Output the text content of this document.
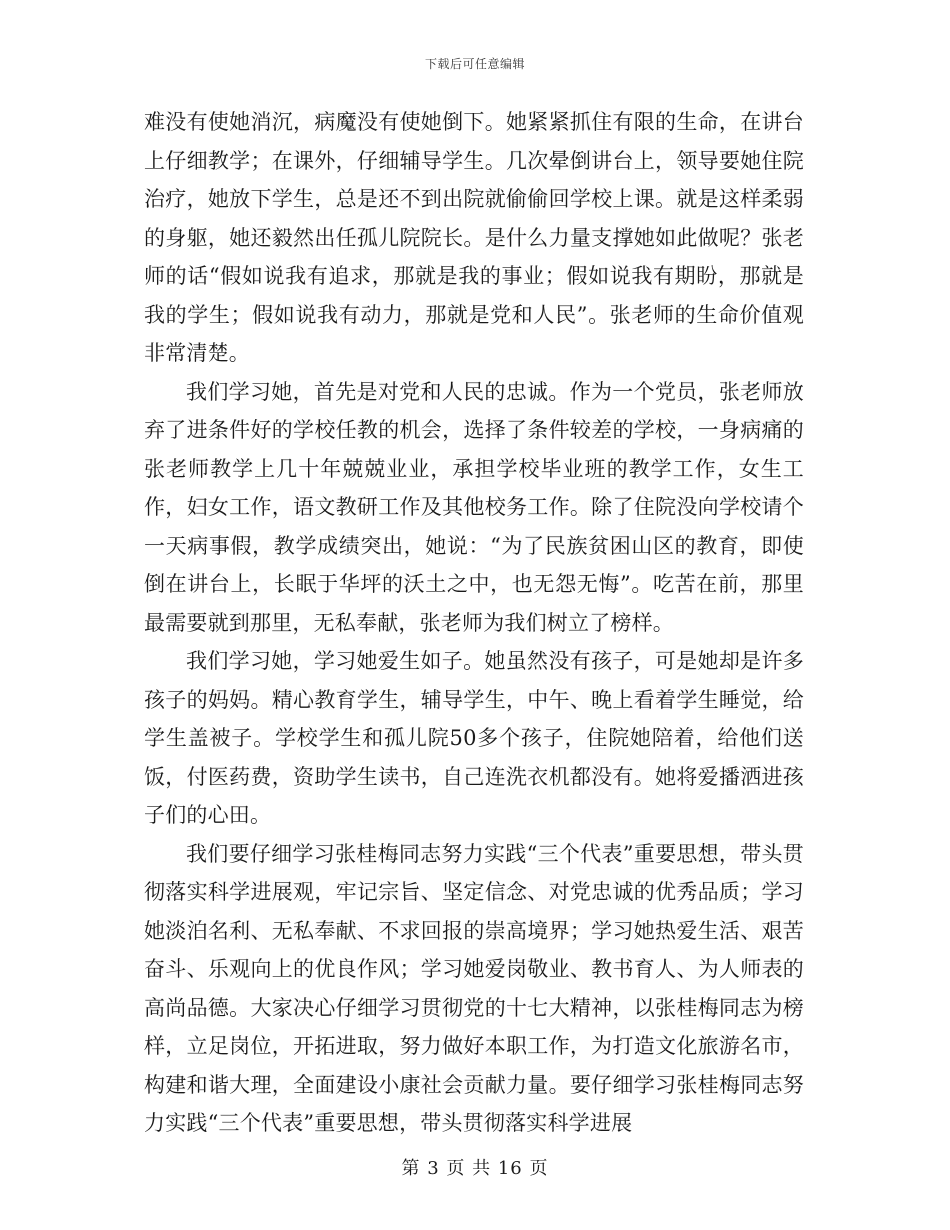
下载后可任意编辑

难没有使她消沉，病魔没有使她倒下。她紧紧抓住有限的生命，在讲台上仔细教学；在课外，仔细辅导学生。几次晕倒讲台上，领导要她住院治疗，她放下学生，总是还不到出院就偷偷回学校上课。就是这样柔弱的身躯，她还毅然出任孤儿院院长。是什么力量支撑她如此做呢？张老师的话“假如说我有追求，那就是我的事业；假如说我有期盼，那就是我的学生；假如说我有动力，那就是党和人民”。张老师的生命价值观非常清楚。

我们学习她，首先是对党和人民的忠诚。作为一个党员，张老师放弃了进条件好的学校任教的机会，选择了条件较差的学校，一身病痛的张老师教学上几十年兢兢业业，承担学校毕业班的教学工作，女生工作，妇女工作，语文教研工作及其他校务工作。除了住院没向学校请个一天病事假，教学成绩突出，她说：“为了民族贫困山区的教育，即使倒在讲台上，长眠于华坪的沃土之中，也无怨无悔”。吃苦在前，那里最需要就到那里，无私奉献，张老师为我们树立了榜样。

我们学习她，学习她爱生如子。她虽然没有孩子，可是她却是许多孩子的妈妈。精心教育学生，辅导学生，中午、晚上看着学生睡觉，给学生盖被子。学校学生和孤儿院50多个孩子，住院她陪着，给他们送饭，付医药费，资助学生读书，自己连洗衣机都没有。她将爱播洒进孩子们的心田。

我们要仔细学习张桂梅同志努力实践“三个代表”重要思想，带头贯彻落实科学进展观，牢记宗旨、坚定信念、对党忠诚的优秀品质；学习她淡泊名利、无私奉献、不求回报的崇高境界；学习她热爱生活、艰苦奋斗、乐观向上的优良作风；学习她爱岗敬业、教书育人、为人师表的高尚品德。大家决心仔细学习贯彻党的十七大精神，以张桂梅同志为榜样，立足岗位，开拓进取，努力做好本职工作，为打造文化旅游名市，构建和谐大理，全面建设小康社会贡献力量。要仔细学习张桂梅同志努力实践“三个代表”重要思想，带头贯彻落实科学进展

第 3 页 共 16 页
